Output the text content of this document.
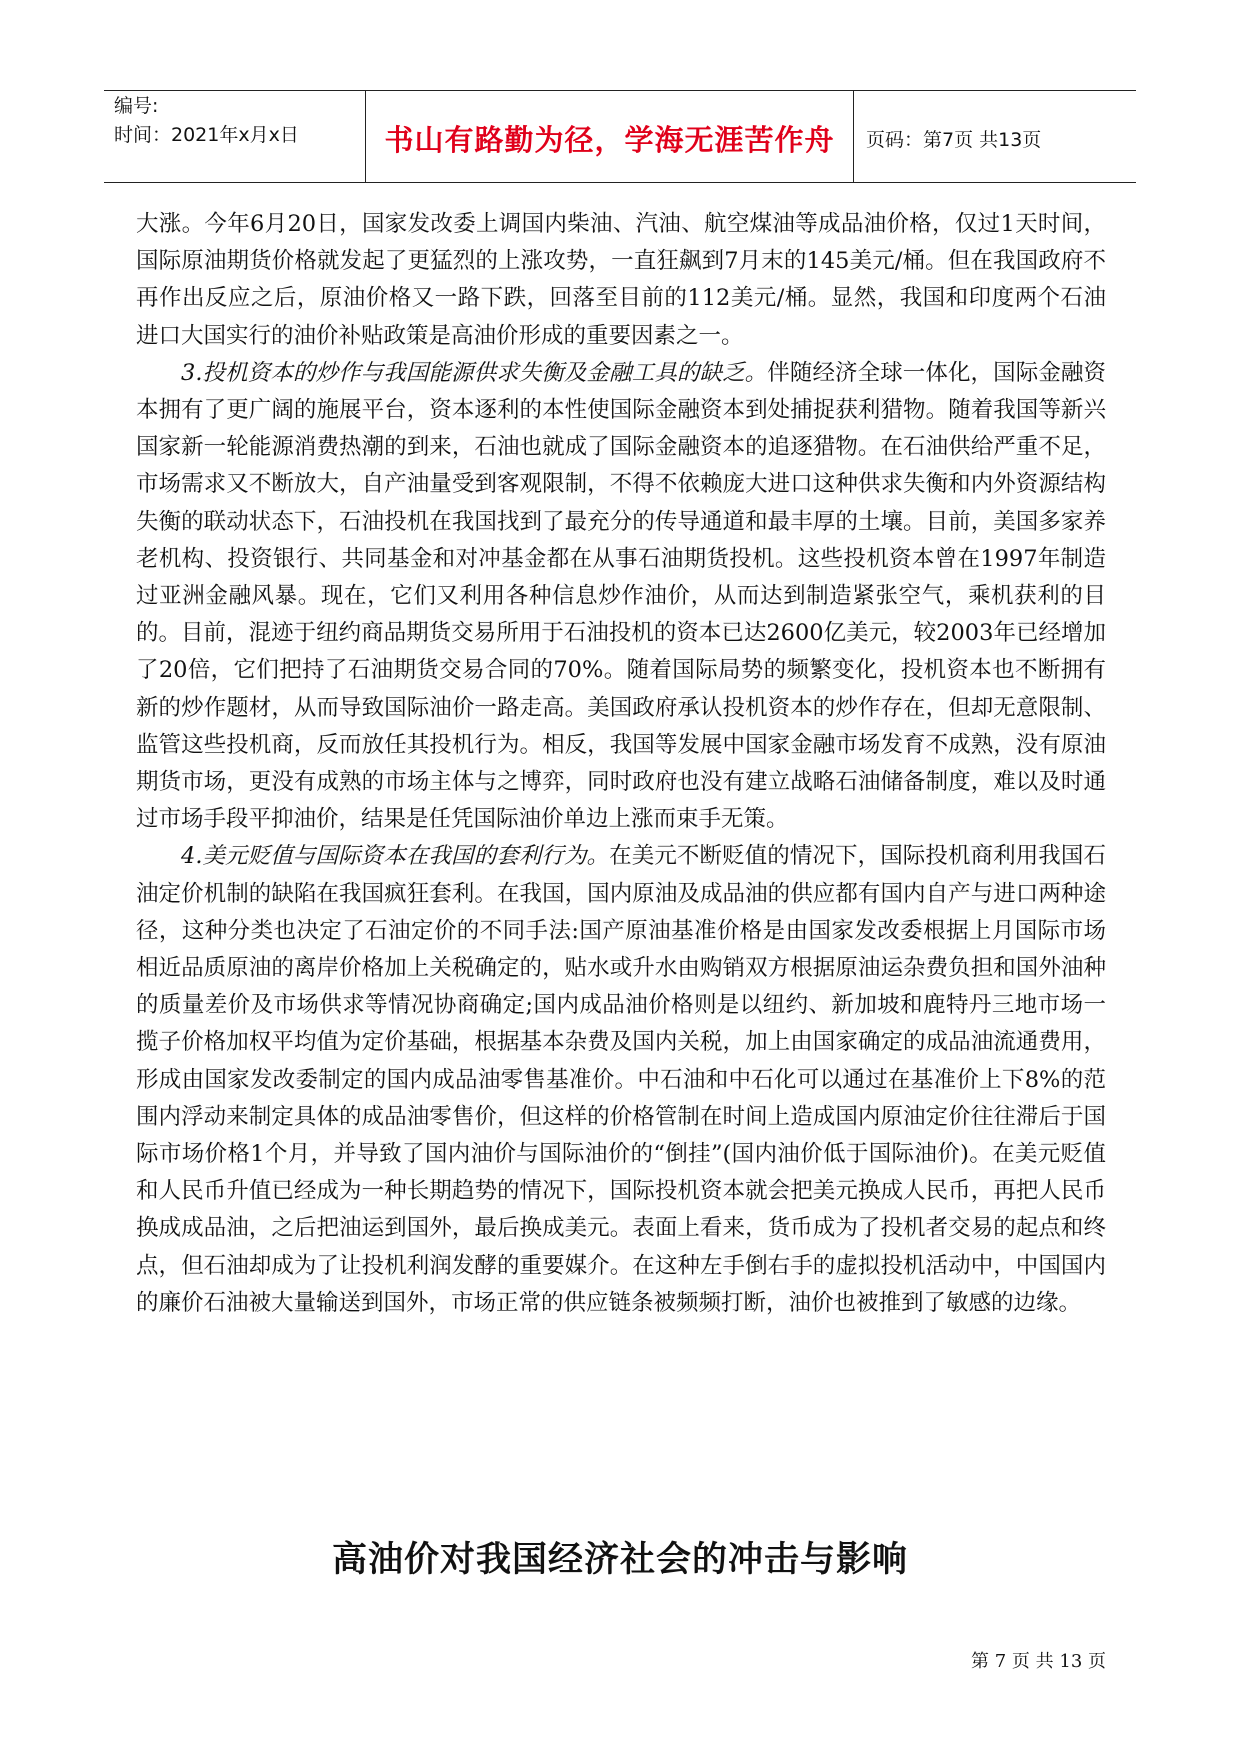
编号:
时间：2021年x月x日	书山有路勤为径，学海无涯苦作舟	页码：第7页 共13页

大涨。今年6月20日，国家发改委上调国内柴油、汽油、航空煤油等成品油价格，仅过1天时间，国际原油期货价格就发起了更猛烈的上涨攻势，一直狂飙到7月末的145美元/桶。但在我国政府不再作出反应之后，原油价格又一路下跌，回落至目前的112美元/桶。显然，我国和印度两个石油进口大国实行的油价补贴政策是高油价形成的重要因素之一。

3.投机资本的炒作与我国能源供求失衡及金融工具的缺乏。伴随经济全球一体化，国际金融资本拥有了更广阔的施展平台，资本逐利的本性使国际金融资本到处捕捉获利猎物。随着我国等新兴国家新一轮能源消费热潮的到来，石油也就成了国际金融资本的追逐猎物。在石油供给严重不足，市场需求又不断放大，自产油量受到客观限制，不得不依赖庞大进口这种供求失衡和内外资源结构失衡的联动状态下，石油投机在我国找到了最充分的传导通道和最丰厚的土壤。目前，美国多家养老机构、投资银行、共同基金和对冲基金都在从事石油期货投机。这些投机资本曾在1997年制造过亚洲金融风暴。现在，它们又利用各种信息炒作油价，从而达到制造紧张空气，乘机获利的目的。目前，混迹于纽约商品期货交易所用于石油投机的资本已达2600亿美元，较2003年已经增加了20倍，它们把持了石油期货交易合同的70%。随着国际局势的频繁变化，投机资本也不断拥有新的炒作题材，从而导致国际油价一路走高。美国政府承认投机资本的炒作存在，但却无意限制、监管这些投机商，反而放任其投机行为。相反，我国等发展中国家金融市场发育不成熟，没有原油期货市场，更没有成熟的市场主体与之博弈，同时政府也没有建立战略石油储备制度，难以及时通过市场手段平抑油价，结果是任凭国际油价单边上涨而束手无策。

4.美元贬值与国际资本在我国的套利行为。在美元不断贬值的情况下，国际投机商利用我国石油定价机制的缺陷在我国疯狂套利。在我国，国内原油及成品油的供应都有国内自产与进口两种途径，这种分类也决定了石油定价的不同手法:国产原油基准价格是由国家发改委根据上月国际市场相近品质原油的离岸价格加上关税确定的，贴水或升水由购销双方根据原油运杂费负担和国外油种的质量差价及市场供求等情况协商确定;国内成品油价格则是以纽约、新加坡和鹿特丹三地市场一揽子价格加权平均值为定价基础，根据基本杂费及国内关税，加上由国家确定的成品油流通费用，形成由国家发改委制定的国内成品油零售基准价。中石油和中石化可以通过在基准价上下8%的范围内浮动来制定具体的成品油零售价，但这样的价格管制在时间上造成国内原油定价往往滞后于国际市场价格1个月，并导致了国内油价与国际油价的“倒挂”(国内油价低于国际油价)。在美元贬值和人民币升值已经成为一种长期趋势的情况下，国际投机资本就会把美元换成人民币，再把人民币换成成品油，之后把油运到国外，最后换成美元。表面上看来，货币成为了投机者交易的起点和终点，但石油却成为了让投机利润发酵的重要媒介。在这种左手倒右手的虚拟投机活动中，中国国内的廉价石油被大量输送到国外，市场正常的供应链条被频频打断，油价也被推到了敏感的边缘。

高油价对我国经济社会的冲击与影响
第 7 页 共 13 页
